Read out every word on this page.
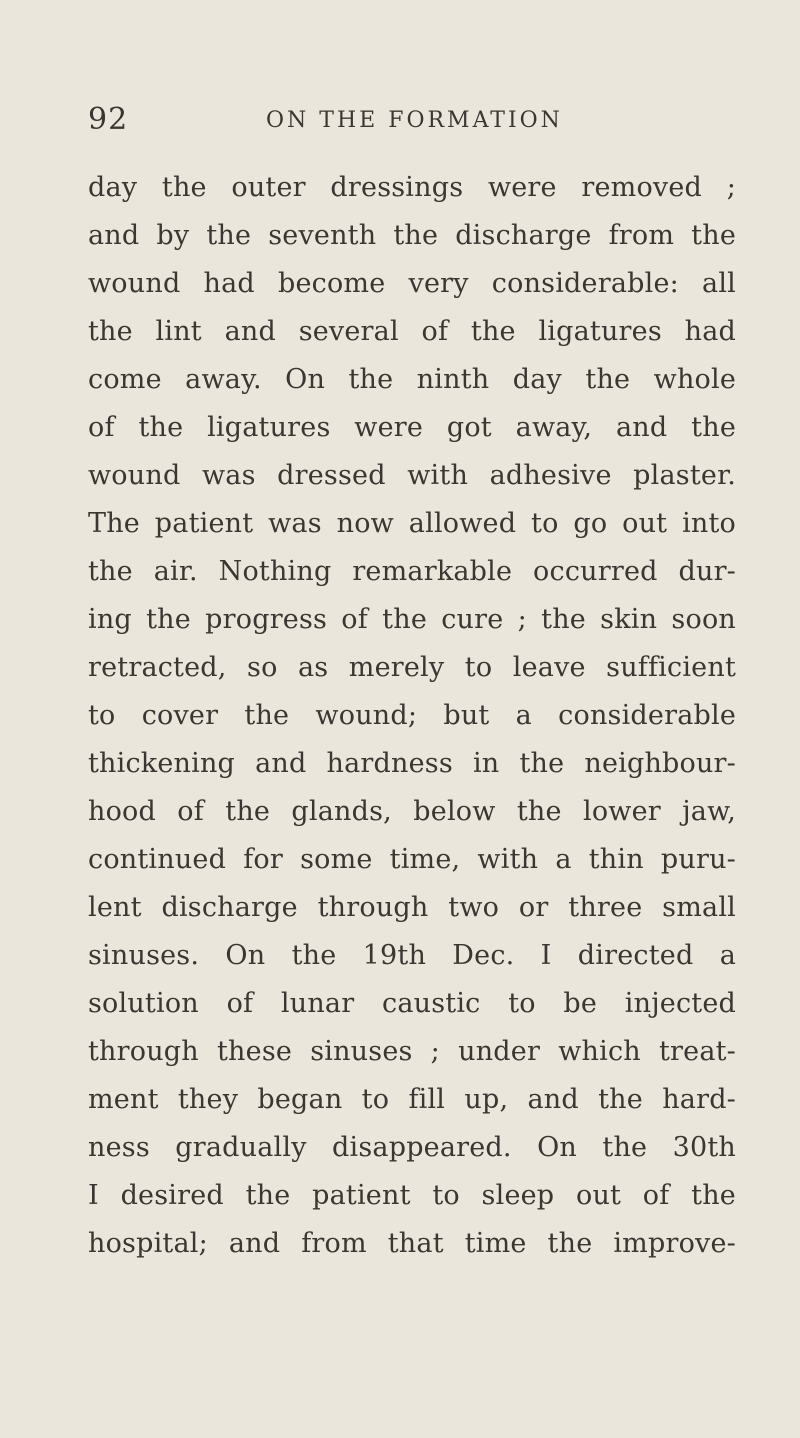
92	ON THE FORMATION
day the outer dressings were removed ;
and by the seventh the discharge from the
wound had become very considerable: all
the lint and several of the ligatures had
come away. On the ninth day the whole
of the ligatures were got away, and the
wound was dressed with adhesive plaster.
The patient was now allowed to go out into
the air. Nothing remarkable occurred dur-
ing the progress of the cure ; the skin soon
retracted, so as merely to leave sufficient
to cover the wound; but a considerable
thickening and hardness in the neighbour-
hood of the glands, below the lower jaw,
continued for some time, with a thin puru-
lent discharge through two or three small
sinuses. On the 19th Dec. I directed a
solution of lunar caustic to be injected
through these sinuses ; under which treat-
ment they began to fill up, and the hard-
ness gradually disappeared. On the 30th
I desired the patient to sleep out of the
hospital; and from that time the improve-
